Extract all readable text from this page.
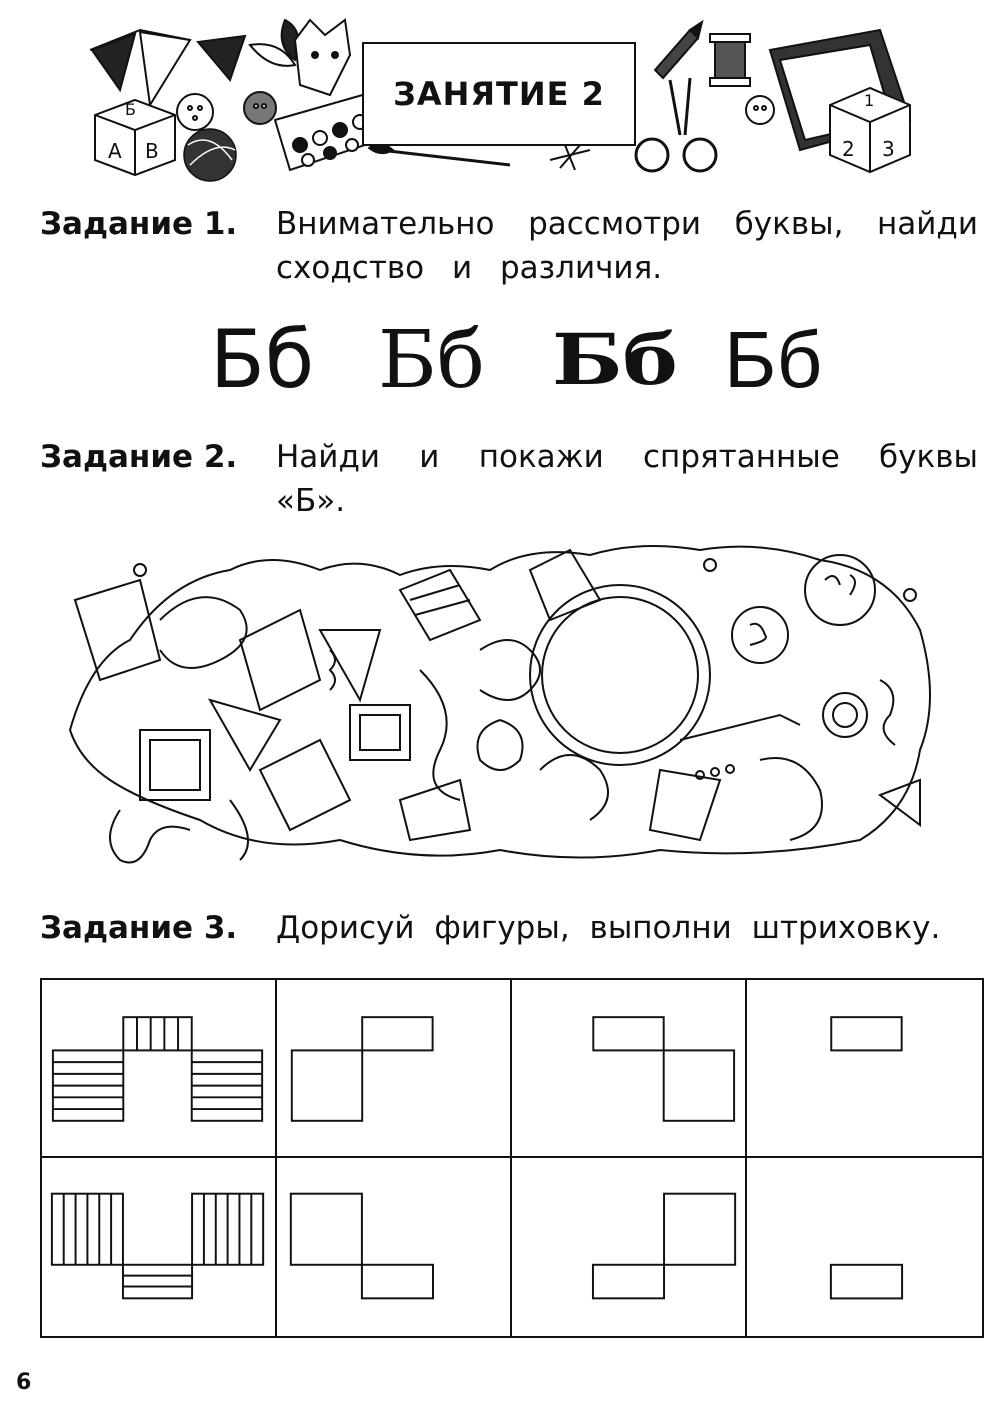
Б
А В
1
2 3
ЗАНЯТИЕ 2
Задание 1.	Внимательно рассмотри буквы, найди
сходство и различия.
Бб Бб Бб Бб
Задание 2.	Найди и покажи спрятанные буквы
«Б».
Задание 3.	Дорисуй фигуры, выполни штриховку.
6
